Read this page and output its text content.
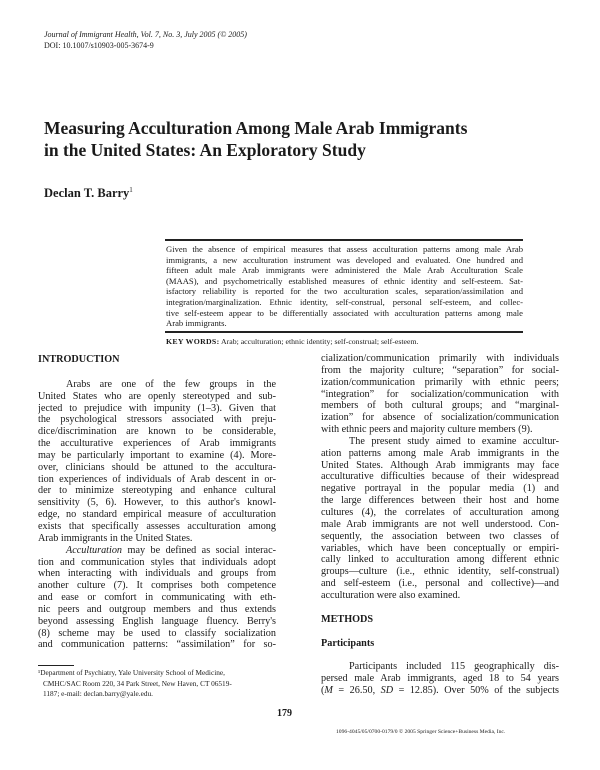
Journal of Immigrant Health, Vol. 7, No. 3, July 2005 (© 2005)
DOI: 10.1007/s10903-005-3674-9
Measuring Acculturation Among Male Arab Immigrants
in the United States: An Exploratory Study
Declan T. Barry$^1$
Given the absence of empirical measures that assess acculturation patterns among male Arab
immigrants, a new acculturation instrument was developed and evaluated. One hundred and
fifteen adult male Arab immigrants were administered the Male Arab Acculturation Scale
(MAAS), and psychometrically established measures of ethnic identity and self-esteem. Sat-
isfactory reliability is reported for the two acculturation scales, separation/assimilation and
integration/marginalization. Ethnic identity, self-construal, personal self-esteem, and collec-
tive self-esteem appear to be differentially associated with acculturation patterns among male
Arab immigrants.
KEY WORDS: Arab; acculturation; ethnic identity; self-construal; self-esteem.
INTRODUCTION
Arabs are one of the few groups in the
United States who are openly stereotyped and sub-
jected to prejudice with impunity (1–3). Given that
the psychological stressors associated with preju-
dice/discrimination are known to be considerable,
the acculturative experiences of Arab immigrants
may be particularly important to examine (4). More-
over, clinicians should be attuned to the accultura-
tion experiences of individuals of Arab descent in or-
der to minimize stereotyping and enhance cultural
sensitivity (5, 6). However, to this author's knowl-
edge, no standard empirical measure of acculturation
exists that specifically assesses acculturation among
Arab immigrants in the United States.
Acculturation may be defined as social interac-
tion and communication styles that individuals adopt
when interacting with individuals and groups from
another culture (7). It comprises both competence
and ease or comfort in communicating with eth-
nic peers and outgroup members and thus extends
beyond assessing English language fluency. Berry's
(8) scheme may be used to classify socialization
and communication patterns: “assimilation” for so-
cialization/communication primarily with individuals
from the majority culture; “separation” for social-
ization/communication primarily with ethnic peers;
“integration” for socialization/communication with
members of both cultural groups; and “marginal-
ization” for absence of socialization/communication
with ethnic peers and majority culture members (9).
The present study aimed to examine accultur-
ation patterns among male Arab immigrants in the
United States. Although Arab immigrants may face
acculturative difficulties because of their widespread
negative portrayal in the popular media (1) and
the large differences between their host and home
cultures (4), the correlates of acculturation among
male Arab immigrants are not well understood. Con-
sequently, the association between two classes of
variables, which have been conceptually or empiri-
cally linked to acculturation among different ethnic
groups—culture (i.e., ethnic identity, self-construal)
and self-esteem (i.e., personal and collective)—and
acculturation were also examined.
METHODS
Participants
Participants included 115 geographically dis-
persed male Arab immigrants, aged 18 to 54 years
(M = 26.50, SD = 12.85). Over 50% of the subjects
¹Department of Psychiatry, Yale University School of Medicine,
CMHC/SAC Room 220, 34 Park Street, New Haven, CT 06519-
1187; e-mail: declan.barry@yale.edu.
179
1096-4045/05/0700-0179/0 © 2005 Springer Science+Business Media, Inc.
